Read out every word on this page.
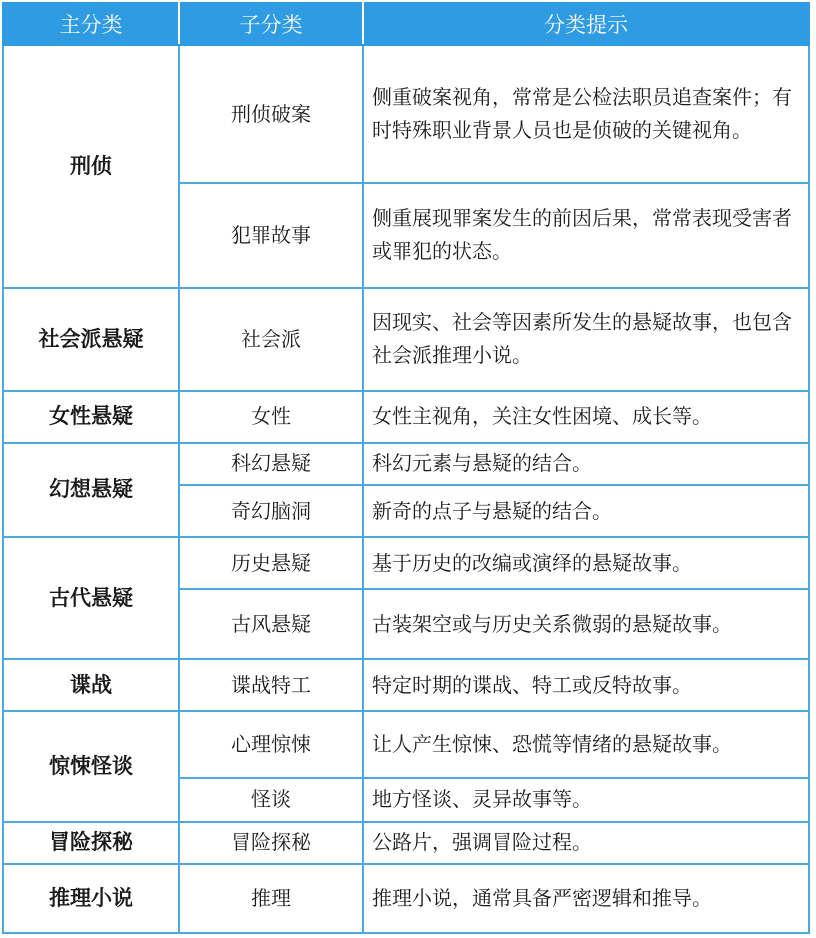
主分类	子分类	分类提示
刑侦	刑侦破案	侧重破案视角，常常是公检法职员追查案件；有时特殊职业背景人员也是侦破的关键视角。
	犯罪故事	侧重展现罪案发生的前因后果，常常表现受害者或罪犯的状态。
社会派悬疑	社会派	因现实、社会等因素所发生的悬疑故事，也包含社会派推理小说。
女性悬疑	女性	女性主视角，关注女性困境、成长等。
幻想悬疑	科幻悬疑	科幻元素与悬疑的结合。
	奇幻脑洞	新奇的点子与悬疑的结合。
古代悬疑	历史悬疑	基于历史的改编或演绎的悬疑故事。
	古风悬疑	古装架空或与历史关系微弱的悬疑故事。
谍战	谍战特工	特定时期的谍战、特工或反特故事。
惊悚怪谈	心理惊悚	让人产生惊悚、恐慌等情绪的悬疑故事。
	怪谈	地方怪谈、灵异故事等。
冒险探秘	冒险探秘	公路片，强调冒险过程。
推理小说	推理	推理小说，通常具备严密逻辑和推导。
